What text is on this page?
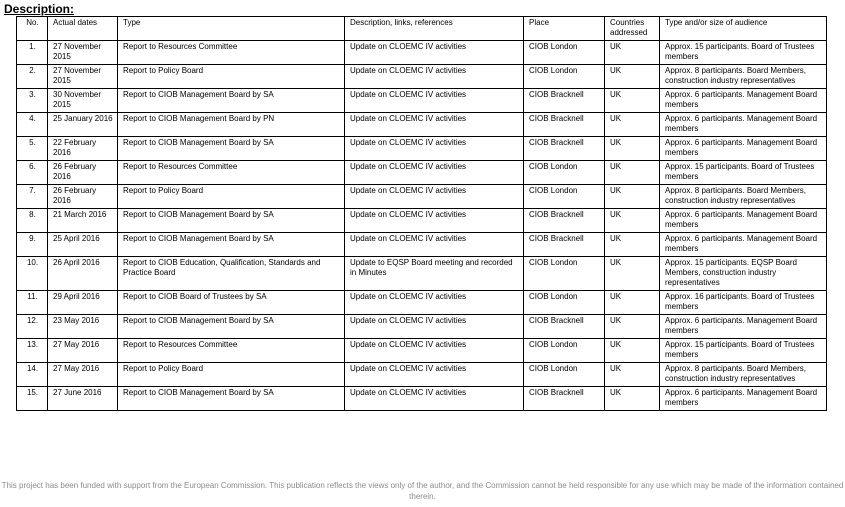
Description:
No.	Actual dates	Type	Description, links, references	Place	Countries addressed	Type and/or size of audience
1.	27 November 2015	Report to Resources Committee	Update on CLOEMC IV activities	CIOB London	UK	Approx. 15 participants. Board of Trustees members
2.	27 November 2015	Report to Policy Board	Update on CLOEMC IV activities	CIOB London	UK	Approx. 8 participants. Board Members, construction industry representatives
3.	30 November 2015	Report to CIOB Management Board by SA	Update on CLOEMC IV activities	CIOB Bracknell	UK	Approx. 6 participants. Management Board members
4.	25 January 2016	Report to CIOB Management Board by PN	Update on CLOEMC IV activities	CIOB Bracknell	UK	Approx. 6 participants. Management Board members
5.	22 February 2016	Report to CIOB Management Board by SA	Update on CLOEMC IV activities	CIOB Bracknell	UK	Approx. 6 participants. Management Board members
6.	26 February 2016	Report to Resources Committee	Update on CLOEMC IV activities	CIOB London	UK	Approx. 15 participants. Board of Trustees members
7.	26 February 2016	Report to Policy Board	Update on CLOEMC IV activities	CIOB London	UK	Approx. 8 participants. Board Members, construction industry representatives
8.	21 March 2016	Report to CIOB Management Board by SA	Update on CLOEMC IV activities	CIOB Bracknell	UK	Approx. 6 participants. Management Board members
9.	25 April 2016	Report to CIOB Management Board by SA	Update on CLOEMC IV activities	CIOB Bracknell	UK	Approx. 6 participants. Management Board members
10.	26 April 2016	Report to CIOB Education, Qualification, Standards and Practice Board	Update to EQSP Board meeting and recorded in Minutes	CIOB London	UK	Approx. 15 participants. EQSP Board Members, construction industry representatives
11.	29 April 2016	Report to CIOB Board of Trustees by SA	Update on CLOEMC IV activities	CIOB London	UK	Approx. 16 participants. Board of Trustees members
12.	23 May 2016	Report to CIOB Management Board by SA	Update on CLOEMC IV activities	CIOB Bracknell	UK	Approx. 6 participants. Management Board members
13.	27 May 2016	Report to Resources Committee	Update on CLOEMC IV activities	CIOB London	UK	Approx. 15 participants. Board of Trustees members
14.	27 May 2016	Report to Policy Board	Update on CLOEMC IV activities	CIOB London	UK	Approx. 8 participants. Board Members, construction industry representatives
15.	27 June 2016	Report to CIOB Management Board by SA	Update on CLOEMC IV activities	CIOB Bracknell	UK	Approx. 6 participants. Management Board members
This project has been funded with support from the European Commission. This publication reflects the views only of the author, and the Commission cannot be held responsible for any use which may be made of the information contained therein.
